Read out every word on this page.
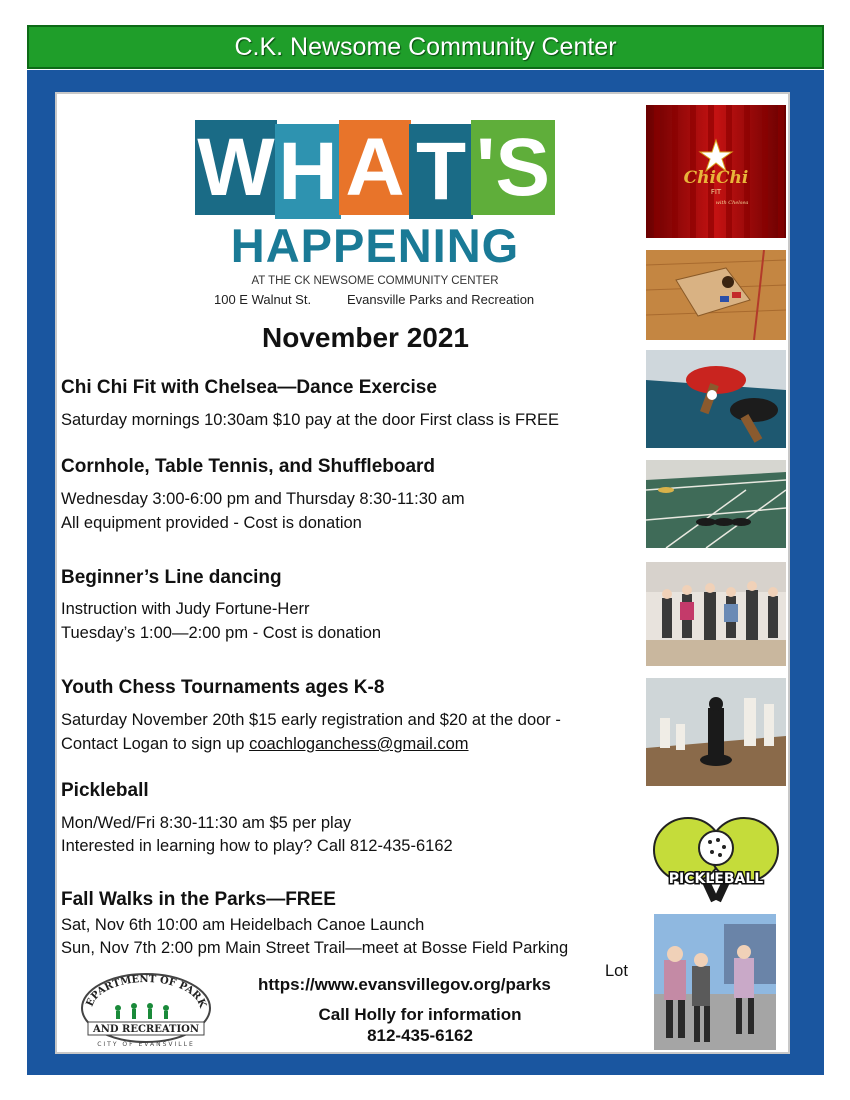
C.K. Newsome Community Center
W H A T 'S
HAPPENING
AT THE CK NEWSOME COMMUNITY CENTER
100 E Walnut St.	Evansville Parks and Recreation
November 2021
Chi Chi Fit with Chelsea—Dance Exercise
Saturday mornings 10:30am $10 pay at the door First class is FREE
Cornhole, Table Tennis, and Shuffleboard
Wednesday 3:00-6:00 pm and Thursday 8:30-11:30 am
All equipment provided - Cost is donation
Beginner’s Line dancing
Instruction with Judy Fortune-Herr
Tuesday’s 1:00—2:00 pm - Cost is donation
Youth Chess Tournaments ages K-8
Saturday November 20th $15 early registration and $20 at the door -
Contact Logan to sign up coachloganchess@gmail.com
Pickleball
Mon/Wed/Fri 8:30-11:30 am $5 per play
Interested in learning how to play? Call 812-435-6162
Fall Walks in the Parks—FREE
Sat, Nov 6th 10:00 am Heidelbach Canoe Launch
Sun, Nov 7th 2:00 pm Main Street Trail—meet at Bosse Field Parking
Lot
ChiChi
FIT
with Chelsea
PICKLEBALL
EPARTMENT OF PARK
AND RECREATION
CITY OF EVANSVILLE
https://www.evansvillegov.org/parks
Call Holly for information
812-435-6162
